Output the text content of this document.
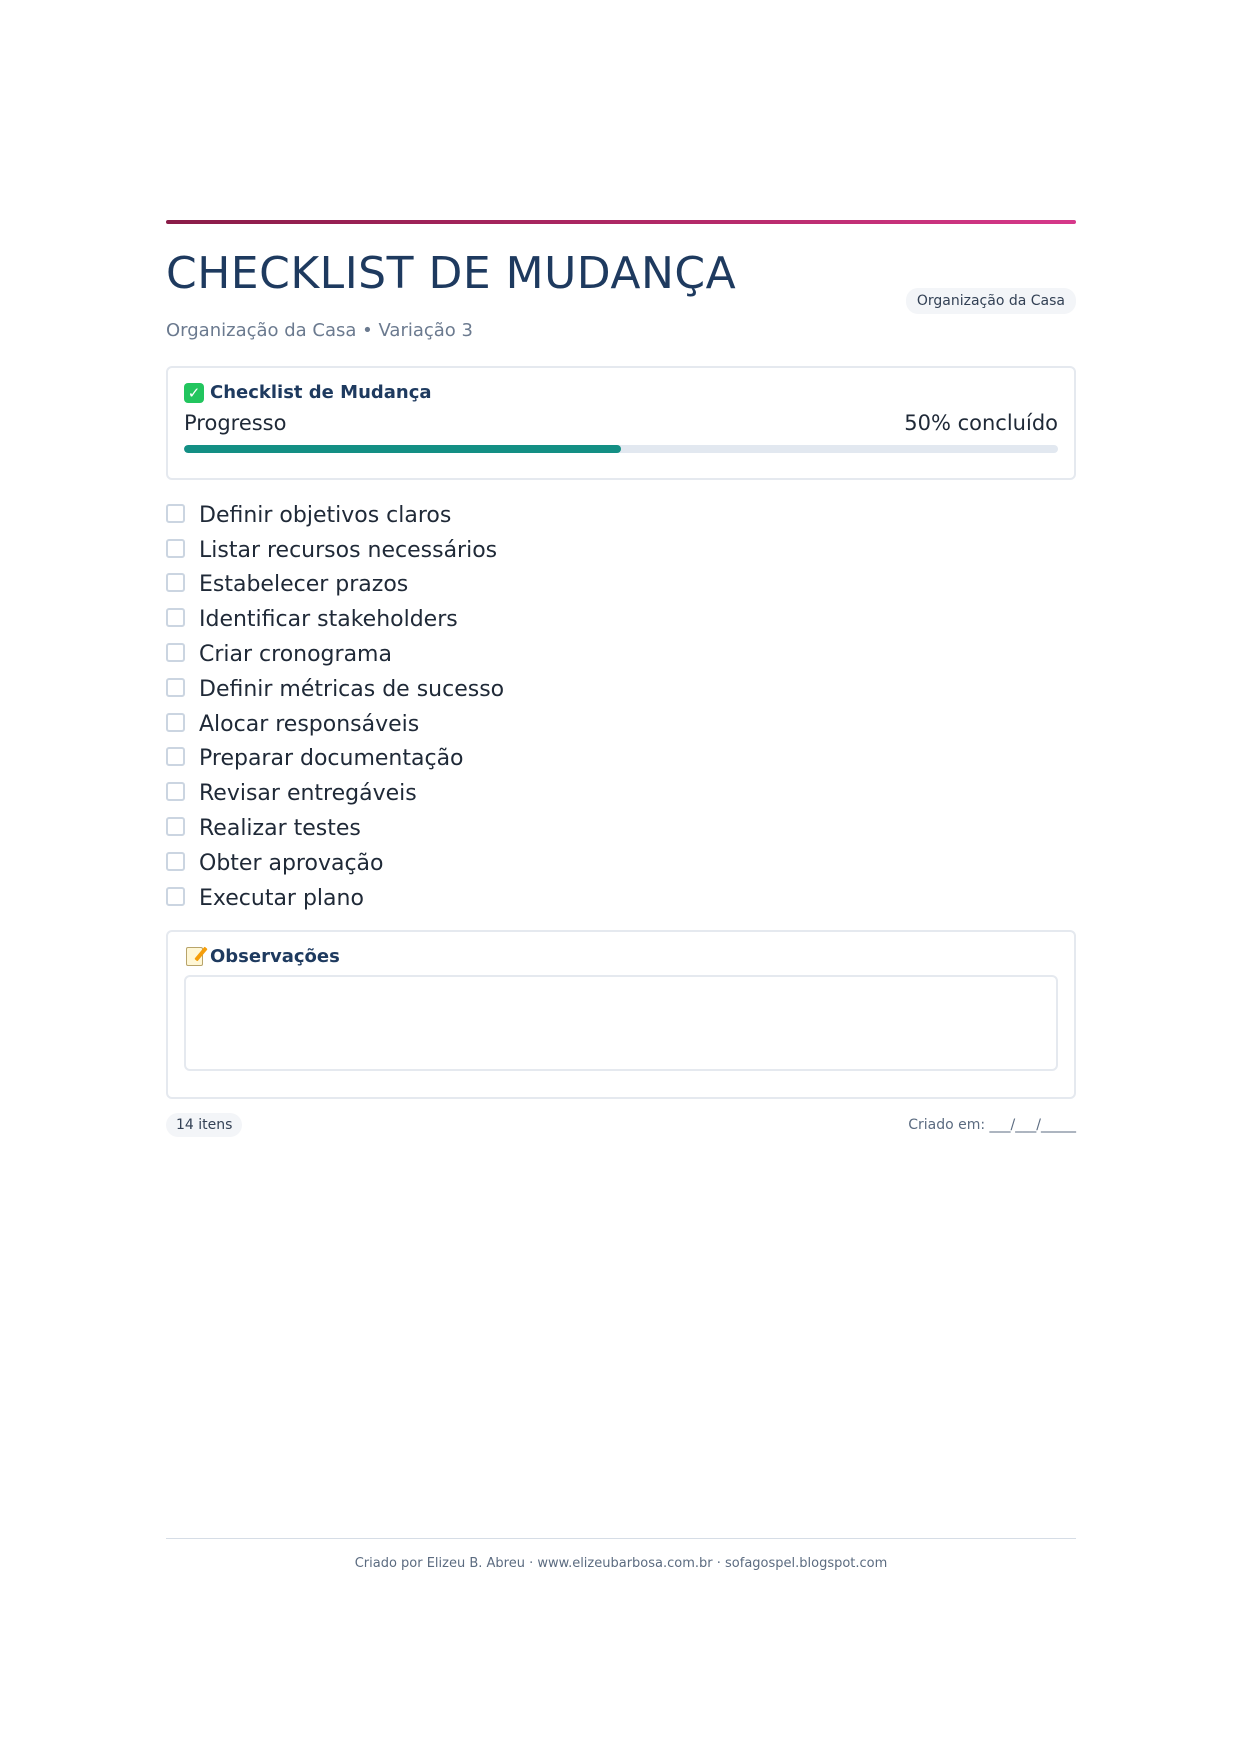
CHECKLIST DE MUDANÇA
Organização da Casa • Variação 3
Organização da Casa
✓ Checklist de Mudança
Progresso	50% concluído
Definir objetivos claros
Listar recursos necessários
Estabelecer prazos
Identificar stakeholders
Criar cronograma
Definir métricas de sucesso
Alocar responsáveis
Preparar documentação
Revisar entregáveis
Realizar testes
Obter aprovação
Executar plano
Observações
14 itens	Criado em: ___/___/_____
Criado por Elizeu B. Abreu · www.elizeubarbosa.com.br · sofagospel.blogspot.com
